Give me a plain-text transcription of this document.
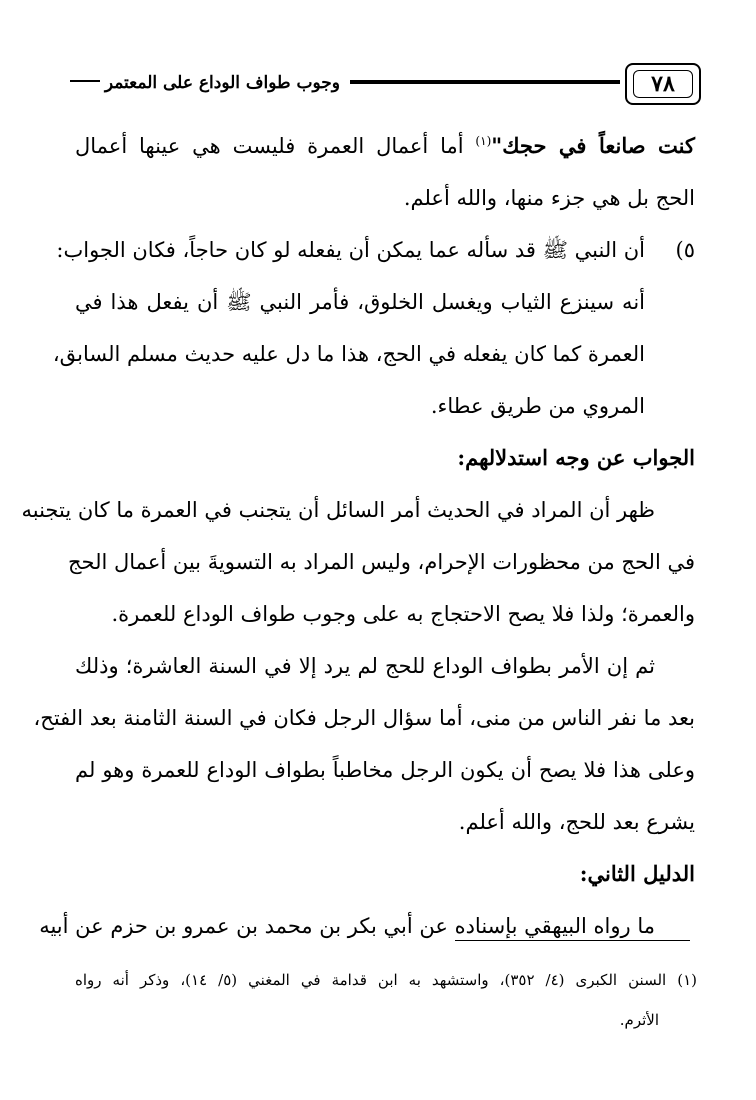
وجوب طواف الوداع على المعتمر	٧٨
كنت صانعاً في حجك"$^{(١)}$ أما أعمال العمرة فليست هي عينها أعمال
الحج بل هي جزء منها، والله أعلم.
٥)
أن النبي ﷺ قد سأله عما يمكن أن يفعله لو كان حاجاً، فكان الجواب:
أنه سينزع الثياب ويغسل الخلوق، فأمر النبي ﷺ أن يفعل هذا في
العمرة كما كان يفعله في الحج، هذا ما دل عليه حديث مسلم السابق،
المروي من طريق عطاء.
الجواب عن وجه استدلالهم:
ظهر أن المراد في الحديث أمر السائل أن يتجنب في العمرة ما كان يتجنبه
في الحج من محظورات الإحرام، وليس المراد به التسويةَ بين أعمال الحج
والعمرة؛ ولذا فلا يصح الاحتجاج به على وجوب طواف الوداع للعمرة.
ثم إن الأمر بطواف الوداع للحج لم يرد إلا في السنة العاشرة؛ وذلك
بعد ما نفر الناس من منى، أما سؤال الرجل فكان في السنة الثامنة بعد الفتح،
وعلى هذا فلا يصح أن يكون الرجل مخاطباً بطواف الوداع للعمرة وهو لم
يشرع بعد للحج، والله أعلم.
الدليل الثاني:
ما رواه البيهقي بإسناده عن أبي بكر بن محمد بن عمرو بن حزم عن أبيه
(١) السنن الكبرى (٤/ ٣٥٢)، واستشهد به ابن قدامة في المغني (٥/ ١٤)، وذكر أنه رواه
الأثرم.
